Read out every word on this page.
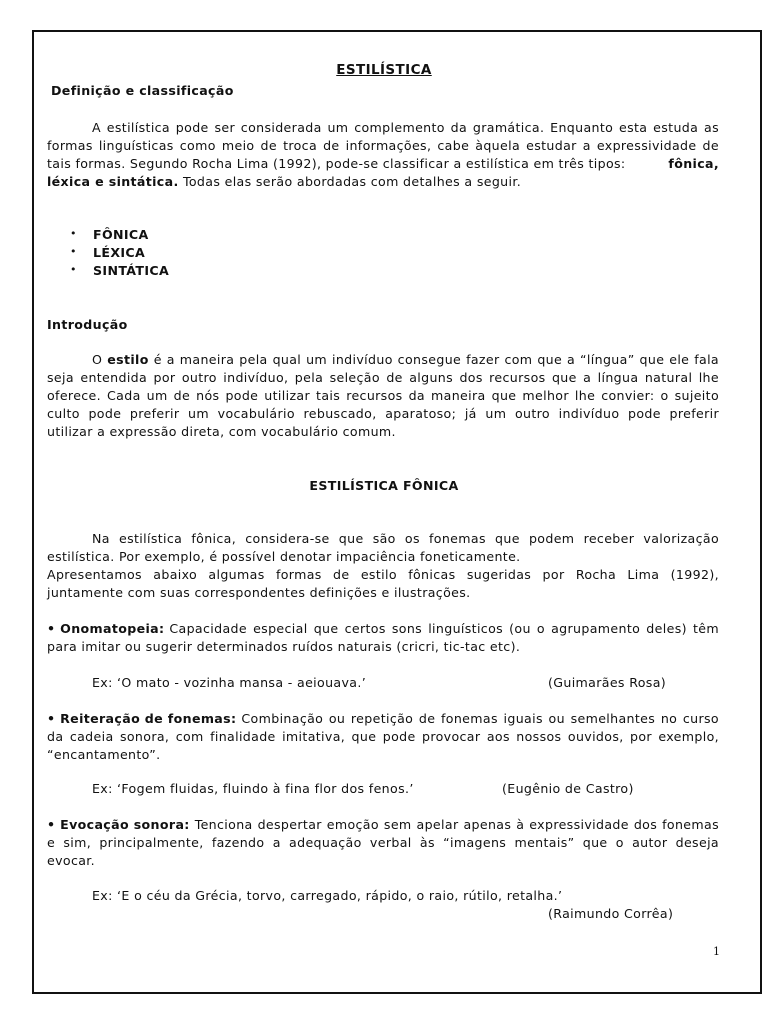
ESTILÍSTICA
Definição e classificação
A estilística pode ser considerada um complemento da gramática. Enquanto esta estuda as
formas linguísticas como meio de troca de informações, cabe àquela estudar a expressividade de
tais formas. Segundo Rocha Lima (1992), pode-se classificar a estilística em três tipos:	fônica,
léxica e sintática. Todas elas serão abordadas com detalhes a seguir.
• FÔNICA
• LÉXICA
• SINTÁTICA
Introdução
O estilo é a maneira pela qual um indivíduo consegue fazer com que a “língua” que ele fala
seja entendida por outro indivíduo, pela seleção de alguns dos recursos que a língua natural lhe
oferece. Cada um de nós pode utilizar tais recursos da maneira que melhor lhe convier: o sujeito
culto pode preferir um vocabulário rebuscado, aparatoso; já um outro indivíduo pode preferir
utilizar a expressão direta, com vocabulário comum.
ESTILÍSTICA FÔNICA
Na estilística fônica, considera-se que são os fonemas que podem receber valorização
estilística. Por exemplo, é possível denotar impaciência foneticamente.
Apresentamos abaixo algumas formas de estilo fônicas sugeridas por Rocha Lima (1992),
juntamente com suas correspondentes definições e ilustrações.
• Onomatopeia: Capacidade especial que certos sons linguísticos (ou o agrupamento deles) têm
para imitar ou sugerir determinados ruídos naturais (cricri, tic-tac etc).
Ex: ‘O mato - vozinha mansa - aeiouava.’	(Guimarães Rosa)
• Reiteração de fonemas: Combinação ou repetição de fonemas iguais ou semelhantes no curso
da cadeia sonora, com finalidade imitativa, que pode provocar aos nossos ouvidos, por exemplo,
“encantamento”.
Ex: ‘Fogem fluidas, fluindo à fina flor dos fenos.’	(Eugênio de Castro)
• Evocação sonora: Tenciona despertar emoção sem apelar apenas à expressividade dos fonemas
e sim, principalmente, fazendo a adequação verbal às “imagens mentais” que o autor deseja
evocar.
Ex: ‘E o céu da Grécia, torvo, carregado, rápido, o raio, rútilo, retalha.’
(Raimundo Corrêa)
1
